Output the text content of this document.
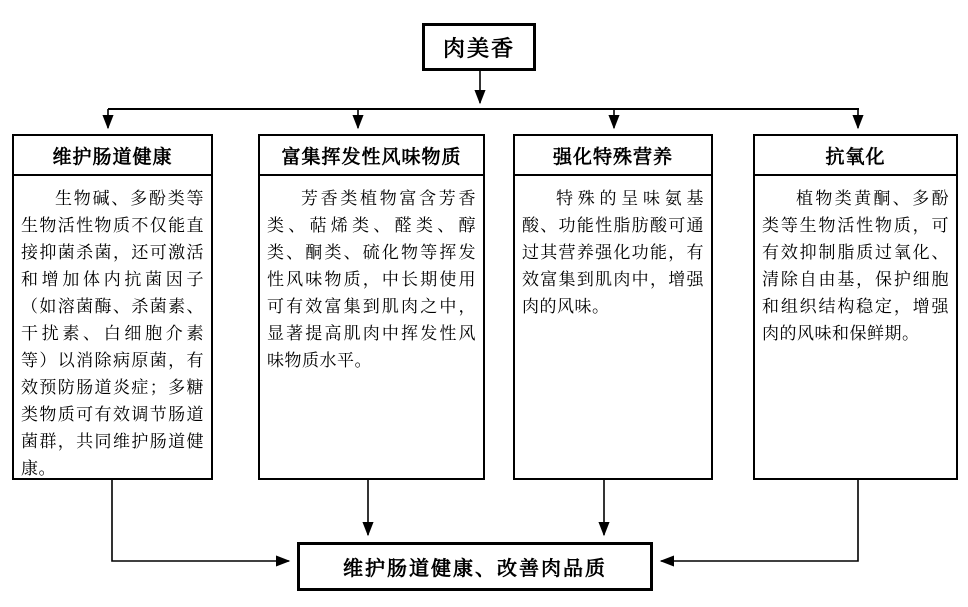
肉美香
维护肠道健康
生物碱、多酚类等生物活性物质不仅能直接抑菌杀菌，还可激活和增加体内抗菌因子（如溶菌酶、杀菌素、干扰素、白细胞介素等）以消除病原菌，有效预防肠道炎症；多糖类物质可有效调节肠道菌群，共同维护肠道健康。
富集挥发性风味物质
芳香类植物富含芳香类、萜烯类、醛类、醇类、酮类、硫化物等挥发性风味物质，中长期使用可有效富集到肌肉之中，显著提高肌肉中挥发性风味物质水平。
强化特殊营养
特殊的呈味氨基酸、功能性脂肪酸可通过其营养强化功能，有效富集到肌肉中，增强肉的风味。
抗氧化
植物类黄酮、多酚类等生物活性物质，可有效抑制脂质过氧化、清除自由基，保护细胞和组织结构稳定，增强肉的风味和保鲜期。
维护肠道健康、改善肉品质
